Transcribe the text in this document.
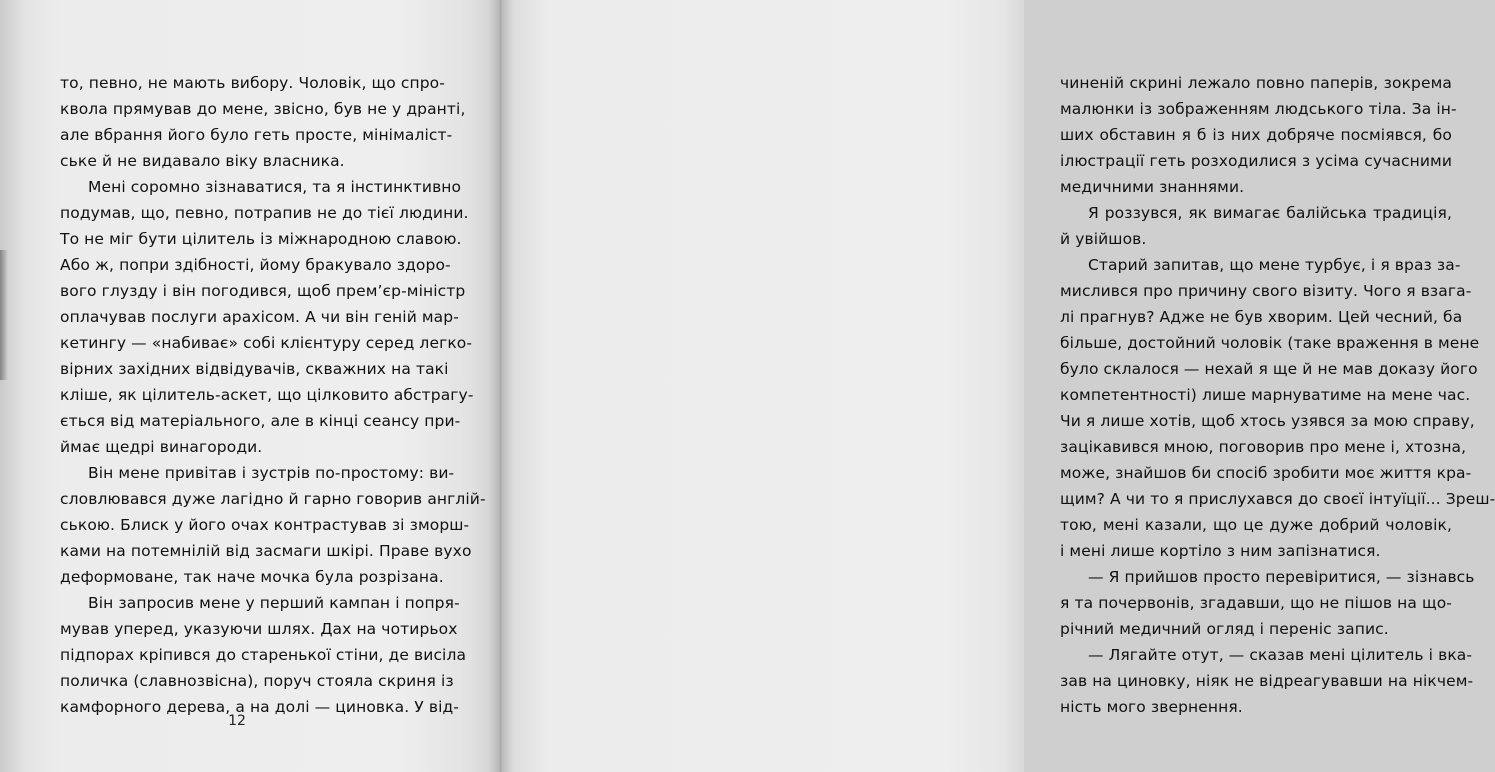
то, певно, не мають вибору. Чоловік, що спро-
кволa прямував до мене, звісно, був не у дранті,
але вбрання його було геть просте, мінімаліст-
ське й не видавало віку власника.
Мені соромно зізнаватися, та я інстинктивно
подумав, що, певно, потрапив не до тієї людини.
То не міг бути цілитель із міжнародною славою.
Або ж, попри здібності, йому бракувало здоро-
вого глузду і він погодився, щоб прем’єр-міністр
оплачував послуги арахісом. А чи він геній мар-
кетингу — «набиває» собі клієнтуру серед легко-
вірних західних відвідувачів, скважних на такі
кліше, як цілитель-аскет, що цілковито абстрагу-
ється від матеріального, але в кінці сеансу при-
ймає щедрі винагороди.
Він мене привітав і зустрів по-простому: ви-
словлювався дуже лагідно й гарно говорив англій-
ською. Блиск у його очах контрастував зі зморш-
ками на потемнілій від засмаги шкірі. Праве вухо
деформоване, так наче мочка була розрізана.
Він запросив мене у перший кампан і попря-
мував уперед, указуючи шлях. Дах на чотирьох
підпорах кріпився до старенької стіни, де висіла
поличка (славнозвісна), поруч стояла скриня із
камфорного дерева, а на долі — циновка. У від-
12
чиненій скрині лежало повно паперів, зокрема
малюнки із зображенням людського тіла. За ін-
ших обставин я б із них добряче посміявся, бо
ілюстрації геть розходилися з усіма сучасними
медичними знаннями.
Я роззувся, як вимагає балійська традиція,
й увійшов.
Старий запитав, що мене турбує, і я враз за-
мислився про причину свого візиту. Чого я взага-
лі прагнув? Адже не був хворим. Цей чесний, ба
більше, достойний чоловік (таке враження в мене
було склалося — нехай я ще й не мав доказу його
компетентності) лише марнуватиме на мене час.
Чи я лише хотів, щоб хтось узявся за мою справу,
зацікавився мною, поговорив про мене і, хтозна,
може, знайшов би спосіб зробити моє життя кра-
щим? А чи то я прислухався до своєї інтуїції... Зреш-
тою, мені казали, що це дуже добрий чоловік,
і мені лише кортіло з ним запізнатися.
— Я прийшов просто перевіритися, — зізнавсь
я та почервонів, згадавши, що не пішов на що-
річний медичний огляд і переніс запис.
— Лягайте отут, — сказав мені цілитель і вка-
зав на циновку, ніяк не відреагувавши на нікчем-
ність мого звернення.
